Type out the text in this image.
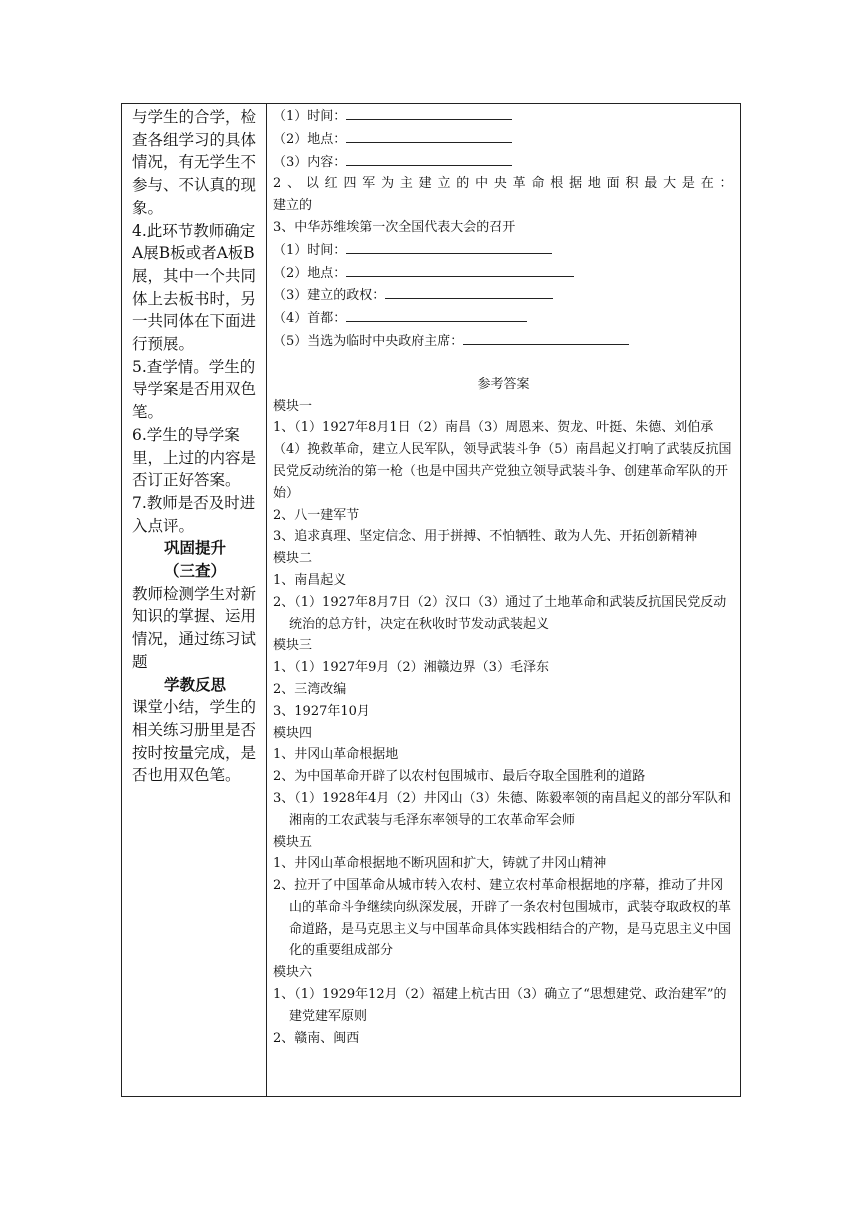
与学生的合学，检查各组学习的具体情况，有无学生不参与、不认真的现象。

4.此环节教师确定A展B板或者A板B展，其中一个共同体上去板书时，另一共同体在下面进行预展。

5.查学情。学生的导学案是否用双色笔。

6.学生的导学案里，上过的内容是否订正好答案。

7.教师是否及时进入点评。

巩固提升

（三查）

教师检测学生对新知识的掌握、运用情况，通过练习试题

学教反思

课堂小结，学生的相关练习册里是否按时按量完成，是否也用双色笔。

（1）时间：

（2）地点：

（3）内容：

2、以红四军为主建立的中央革命根据地面积最大是在：

建立的

3、中华苏维埃第一次全国代表大会的召开

（1）时间：

（2）地点：

（3）建立的政权：

（4）首都：

（5）当选为临时中央政府主席：

参考答案

模块一

1、（1）1927年8月1日（2）南昌（3）周恩来、贺龙、叶挺、朱德、刘伯承（4）挽救革命，建立人民军队，领导武装斗争（5）南昌起义打响了武装反抗国民党反动统治的第一枪（也是中国共产党独立领导武装斗争、创建革命军队的开始）

2、八一建军节

3、追求真理、坚定信念、用于拼搏、不怕牺牲、敢为人先、开拓创新精神

模块二

1、南昌起义

2、（1）1927年8月7日（2）汉口（3）通过了土地革命和武装反抗国民党反动统治的总方针，决定在秋收时节发动武装起义

模块三

1、（1）1927年9月（2）湘赣边界（3）毛泽东

2、三湾改编

3、1927年10月

模块四

1、井冈山革命根据地

2、为中国革命开辟了以农村包围城市、最后夺取全国胜利的道路

3、（1）1928年4月（2）井冈山（3）朱德、陈毅率领的南昌起义的部分军队和湘南的工农武装与毛泽东率领导的工农革命军会师

模块五

1、井冈山革命根据地不断巩固和扩大，铸就了井冈山精神

2、拉开了中国革命从城市转入农村、建立农村革命根据地的序幕，推动了井冈山的革命斗争继续向纵深发展，开辟了一条农村包围城市，武装夺取政权的革命道路，是马克思主义与中国革命具体实践相结合的产物，是马克思主义中国化的重要组成部分

模块六

1、（1）1929年12月（2）福建上杭古田（3）确立了“思想建党、政治建军”的建党建军原则

2、赣南、闽西
